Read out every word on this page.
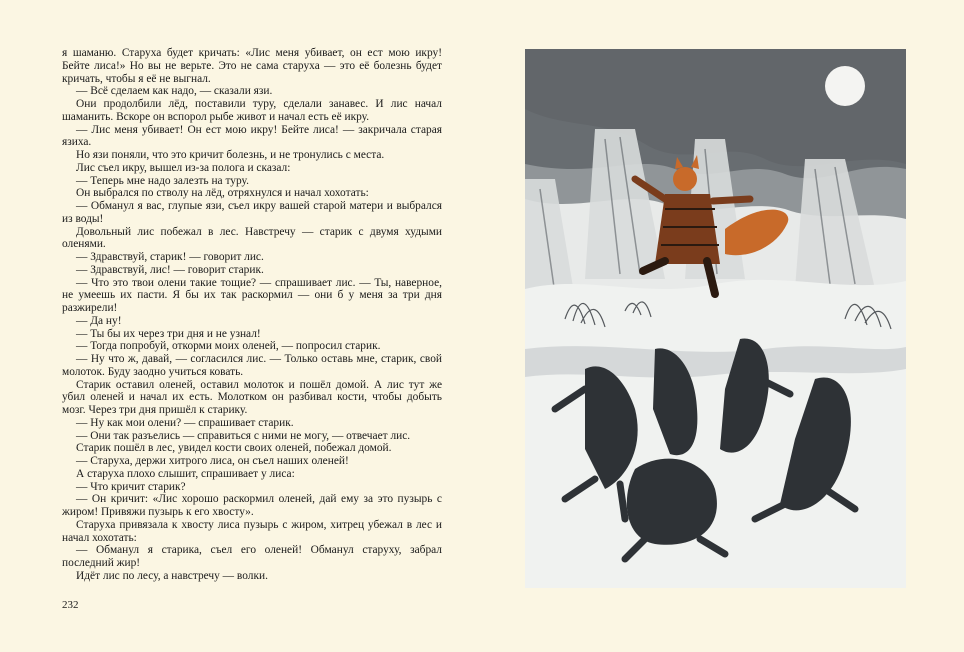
я шаманю. Старуха будет кричать: «Лис меня убивает, он ест мою икру! Бейте лиса!» Но вы не верьте. Это не сама старуха — это её болезнь будет кричать, чтобы я её не выгнал.

— Всё сделаем как надо, — сказали язи.

Они продолбили лёд, поставили туру, сделали занавес. И лис начал шаманить. Вскоре он вспорол рыбе живот и начал есть её икру.

— Лис меня убивает! Он ест мою икру! Бейте лиса! — закричала старая язиха.

Но язи поняли, что это кричит болезнь, и не тронулись с места.

Лис съел икру, вышел из-за полога и сказал:

— Теперь мне надо залезть на туру.

Он выбрался по стволу на лёд, отряхнулся и начал хохотать:

— Обманул я вас, глупые язи, съел икру вашей старой матери и выбрался из воды!

Довольный лис побежал в лес. Навстречу — старик с двумя худыми оленями.

— Здравствуй, старик! — говорит лис.

— Здравствуй, лис! — говорит старик.

— Что это твои олени такие тощие? — спрашивает лис. — Ты, наверное, не умеешь их пасти. Я бы их так раскормил — они б у меня за три дня разжирели!

— Да ну!

— Ты бы их через три дня и не узнал!

— Тогда попробуй, откорми моих оленей, — попросил старик.

— Ну что ж, давай, — согласился лис. — Только оставь мне, старик, свой молоток. Буду заодно учиться ковать.

Старик оставил оленей, оставил молоток и пошёл домой. А лис тут же убил оленей и начал их есть. Молотком он разбивал кости, чтобы добыть мозг. Через три дня пришёл к старику.

— Ну как мои олени? — спрашивает старик.

— Они так разъелись — справиться с ними не могу, — отвечает лис.

Старик пошёл в лес, увидел кости своих оленей, побежал домой.

— Старуха, держи хитрого лиса, он съел наших оленей!

А старуха плохо слышит, спрашивает у лиса:

— Что кричит старик?

— Он кричит: «Лис хорошо раскормил оленей, дай ему за это пузырь с жиром! Привяжи пузырь к его хвосту».

Старуха привязала к хвосту лиса пузырь с жиром, хитрец убежал в лес и начал хохотать:

— Обманул я старика, съел его оленей! Обманул старуху, забрал последний жир!

Идёт лис по лесу, а навстречу — волки.

232
